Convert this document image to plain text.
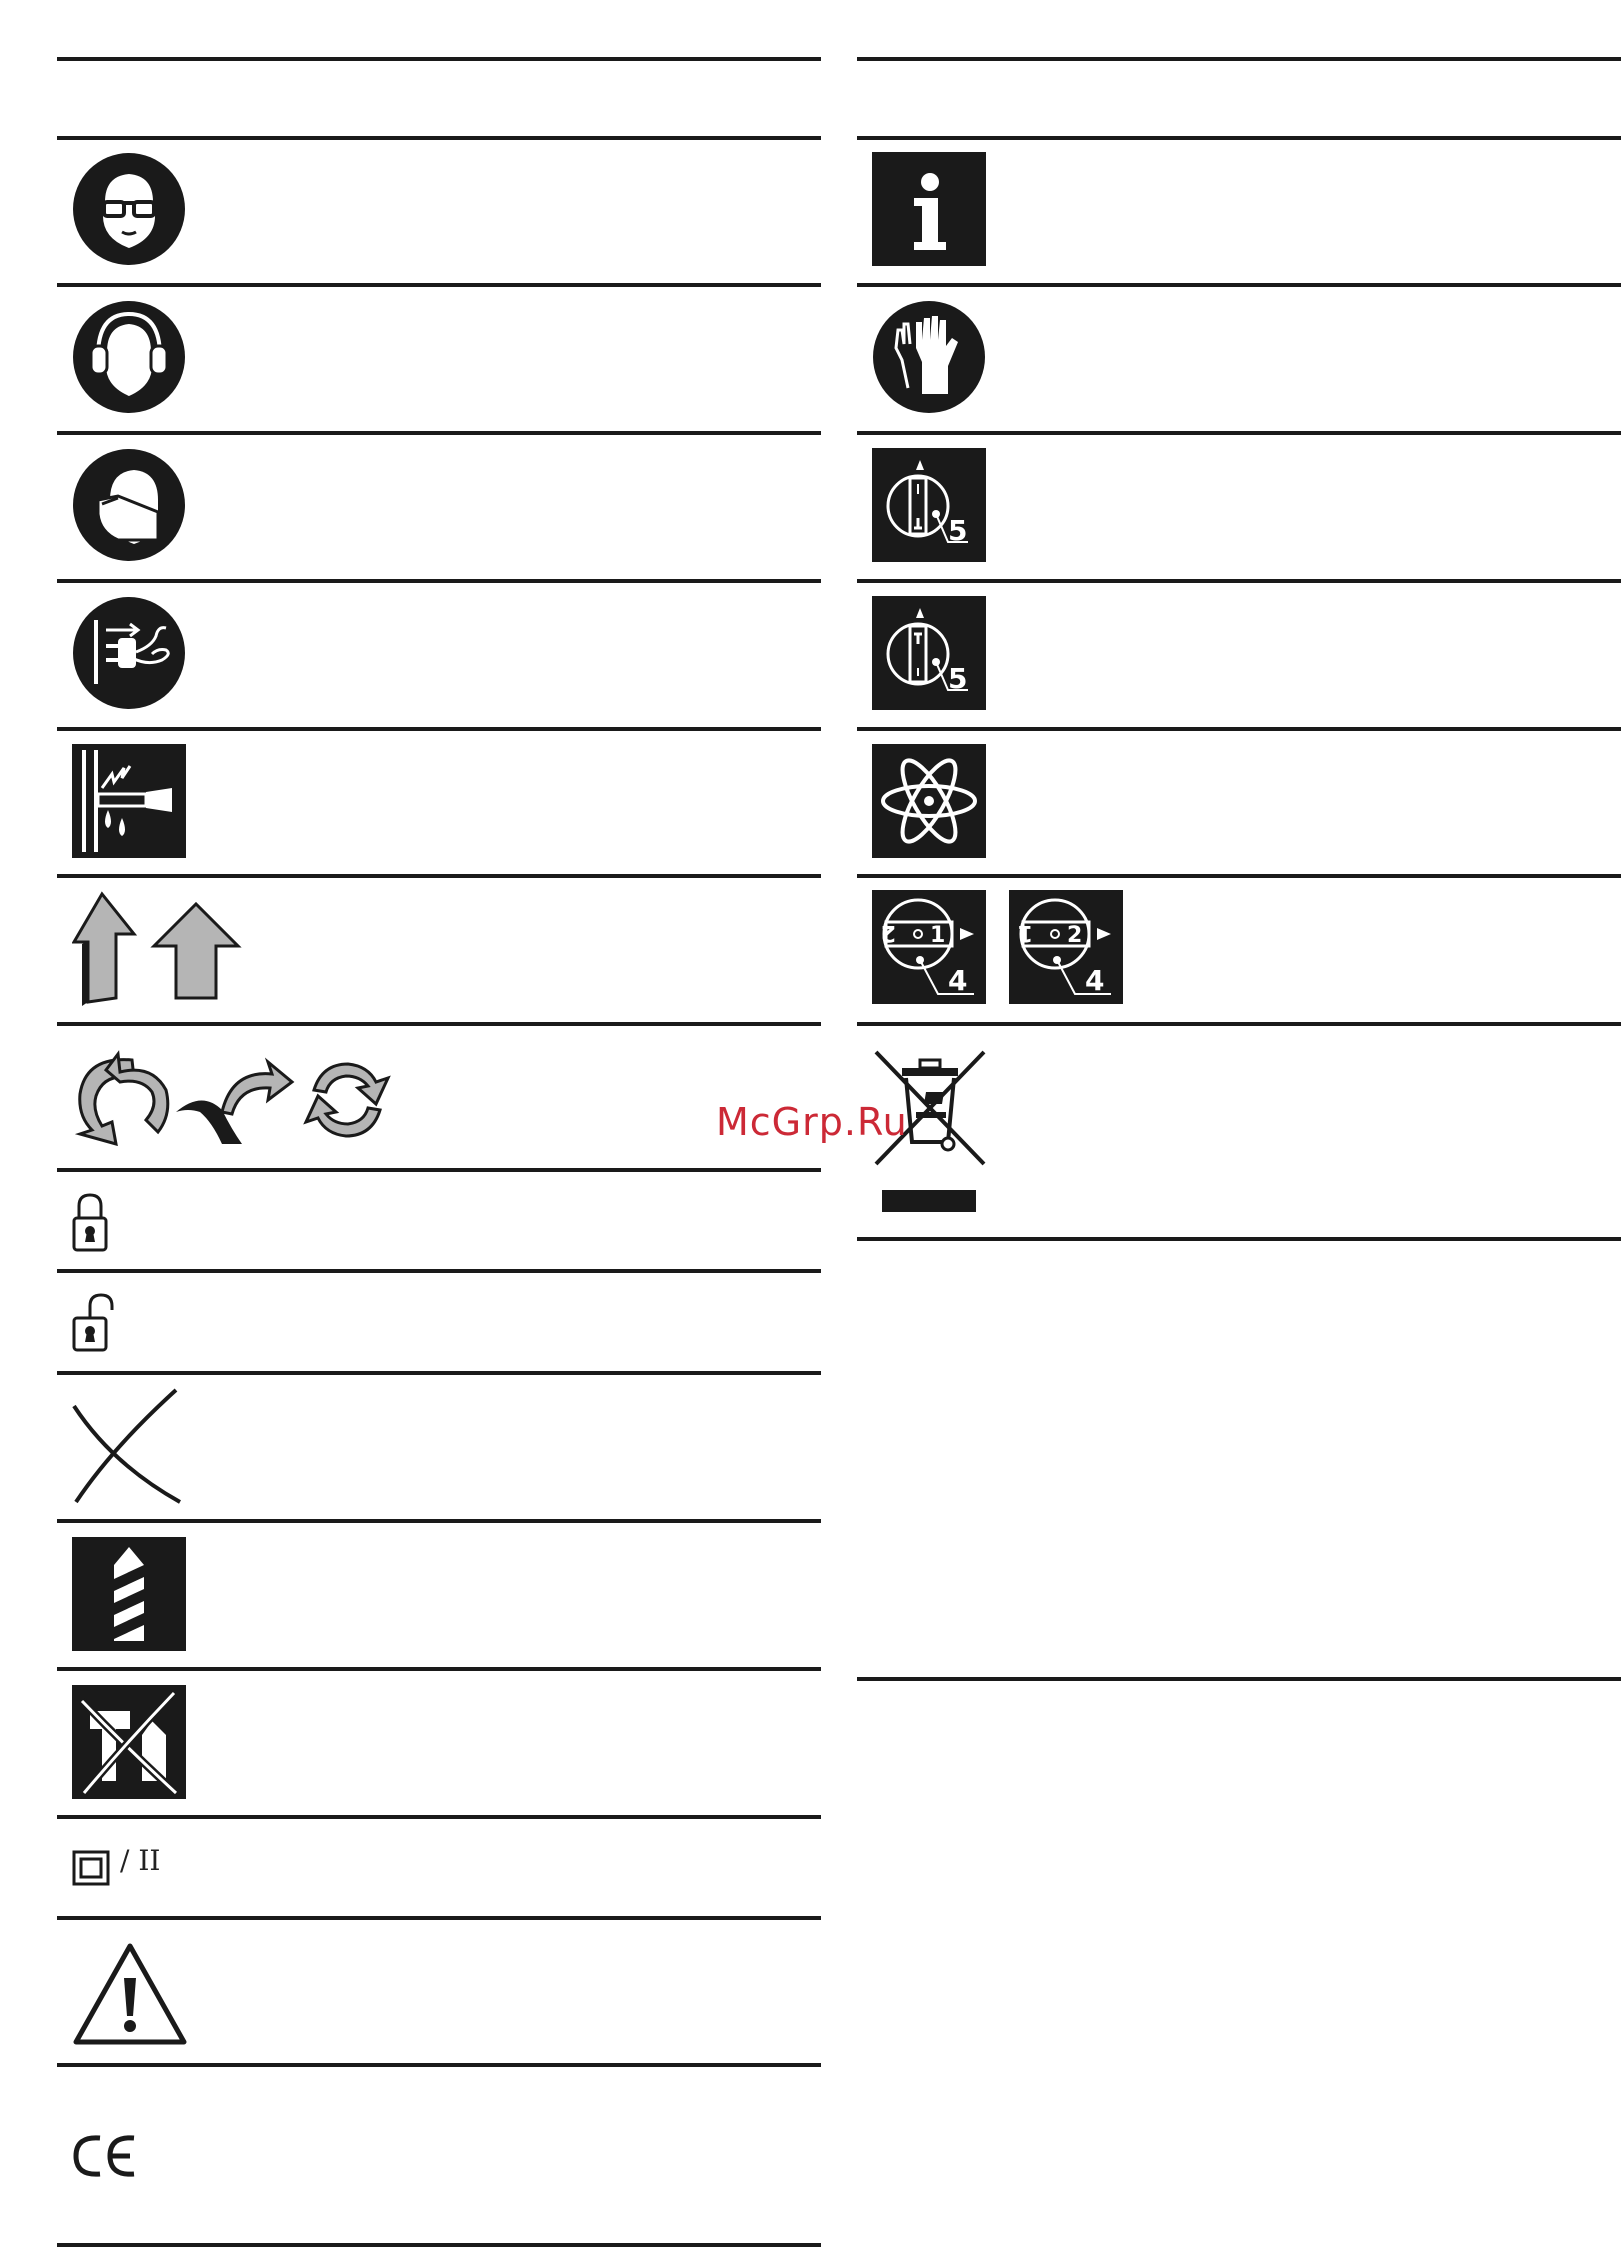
/ II
5
5
2 1
4
1 2
4
McGrp.Ru
